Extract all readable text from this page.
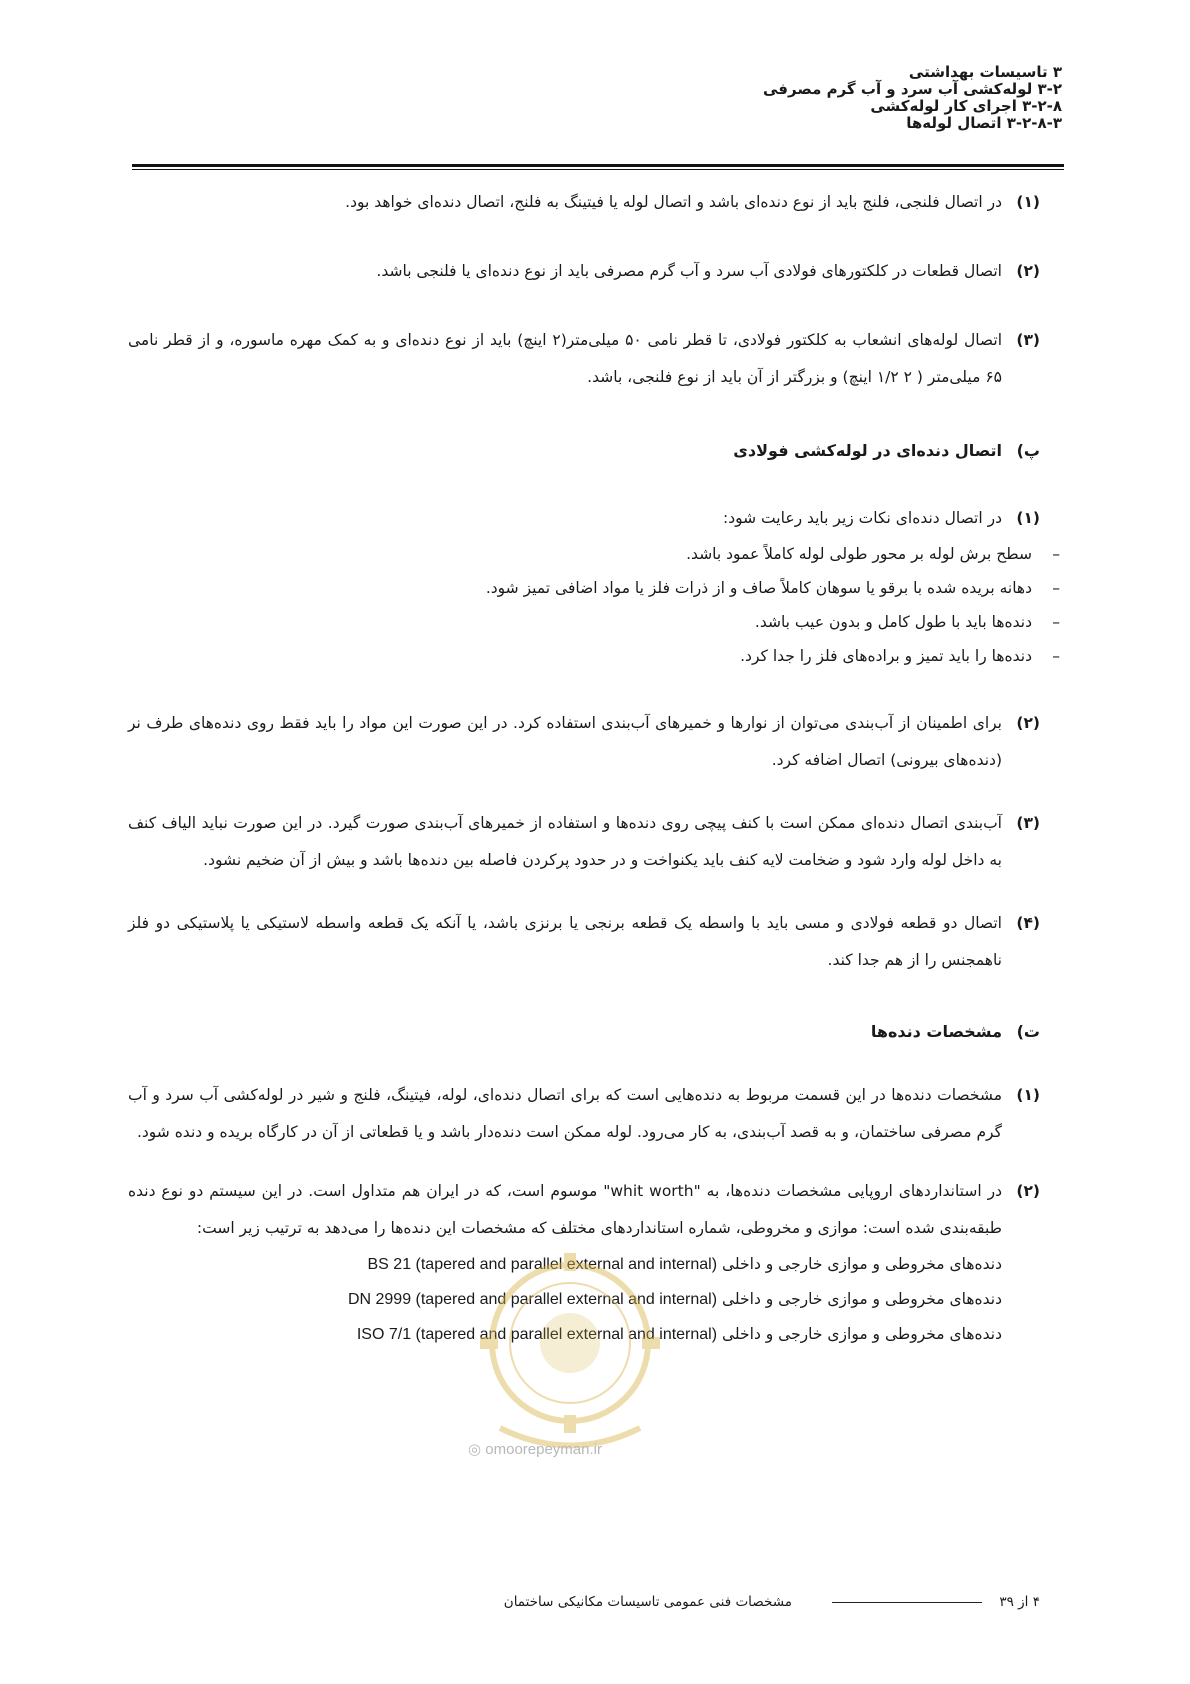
۳ تاسیسات بهداشتی
۳-۲ لوله‌کشی آب سرد و آب گرم مصرفی
۳-۲-۸ اجرای کار لوله‌کشی
۳-۲-۸-۳ اتصال لوله‌ها
(۱)
در اتصال فلنجی، فلنج باید از نوع دنده‌ای باشد و اتصال لوله یا فیتینگ به فلنج، اتصال دنده‌ای خواهد بود.
(۲)
اتصال قطعات در کلکتورهای فولادی آب سرد و آب گرم مصرفی باید از نوع دنده‌ای یا فلنجی باشد.
(۳)
اتصال لوله‌های انشعاب به کلکتور فولادی، تا قطر نامی ۵۰ میلی‌متر(۲ اینچ) باید از نوع دنده‌ای و به کمک مهره ماسوره، و از قطر نامی ۶۵ میلی‌متر ( ۲ ۱/۲ اینچ) و بزرگتر از آن باید از نوع فلنجی، باشد.
پ)
اتصال دنده‌ای در لوله‌کشی فولادی
(۱)
در اتصال دنده‌ای نکات زیر باید رعایت شود:
– سطح برش لوله بر محور طولی لوله کاملاً عمود باشد.
– دهانه بریده شده با برقو یا سوهان کاملاً صاف و از ذرات فلز یا مواد اضافی تمیز شود.
– دنده‌ها باید با طول کامل و بدون عیب باشد.
– دنده‌ها را باید تمیز و براده‌های فلز را جدا کرد.
(۲)
برای اطمینان از آب‌بندی می‌توان از نوارها و خمیرهای آب‌بندی استفاده کرد. در این صورت این مواد را باید فقط روی دنده‌های طرف نر (دنده‌های بیرونی) اتصال اضافه کرد.
(۳)
آب‌بندی اتصال دنده‌ای ممکن است با کنف پیچی روی دنده‌ها و استفاده از خمیرهای آب‌بندی صورت گیرد. در این صورت نباید الیاف کنف به داخل لوله وارد شود و ضخامت لایه کنف باید یکنواخت و در حدود پرکردن فاصله بین دنده‌ها باشد و بیش از آن ضخیم نشود.
(۴)
اتصال دو قطعه فولادی و مسی باید با واسطه یک قطعه برنجی یا برنزی باشد، یا آنکه یک قطعه واسطه لاستیکی یا پلاستیکی دو فلز ناهمجنس را از هم جدا کند.
ت)
مشخصات دنده‌ها
(۱)
مشخصات دنده‌ها در این قسمت مربوط به دنده‌هایی است که برای اتصال دنده‌ای، لوله، فیتینگ، فلنج و شیر در لوله‌کشی آب سرد و آب گرم مصرفی ساختمان، و به قصد آب‌بندی، به کار می‌رود. لوله ممکن است دنده‌دار باشد و یا قطعاتی از آن در کارگاه بریده و دنده شود.
(۲)
در استانداردهای اروپایی مشخصات دنده‌ها، به "whit worth" موسوم است، که در ایران هم متداول است. در این سیستم دو نوع دنده طبقه‌بندی شده است: موازی و مخروطی، شماره استانداردهای مختلف که مشخصات این دنده‌ها را می‌دهد به ترتیب زیر است:
دنده‌های مخروطی و موازی خارجی و داخلی BS 21 (tapered and parallel external and internal)
دنده‌های مخروطی و موازی خارجی و داخلی DN 2999 (tapered and parallel external and internal)
دنده‌های مخروطی و موازی خارجی و داخلی ISO 7/1 (tapered and parallel external and internal)
◎ omoorepeyman.ir
۴ از ۳۹
مشخصات فنی عمومی تاسیسات مکانیکی ساختمان
